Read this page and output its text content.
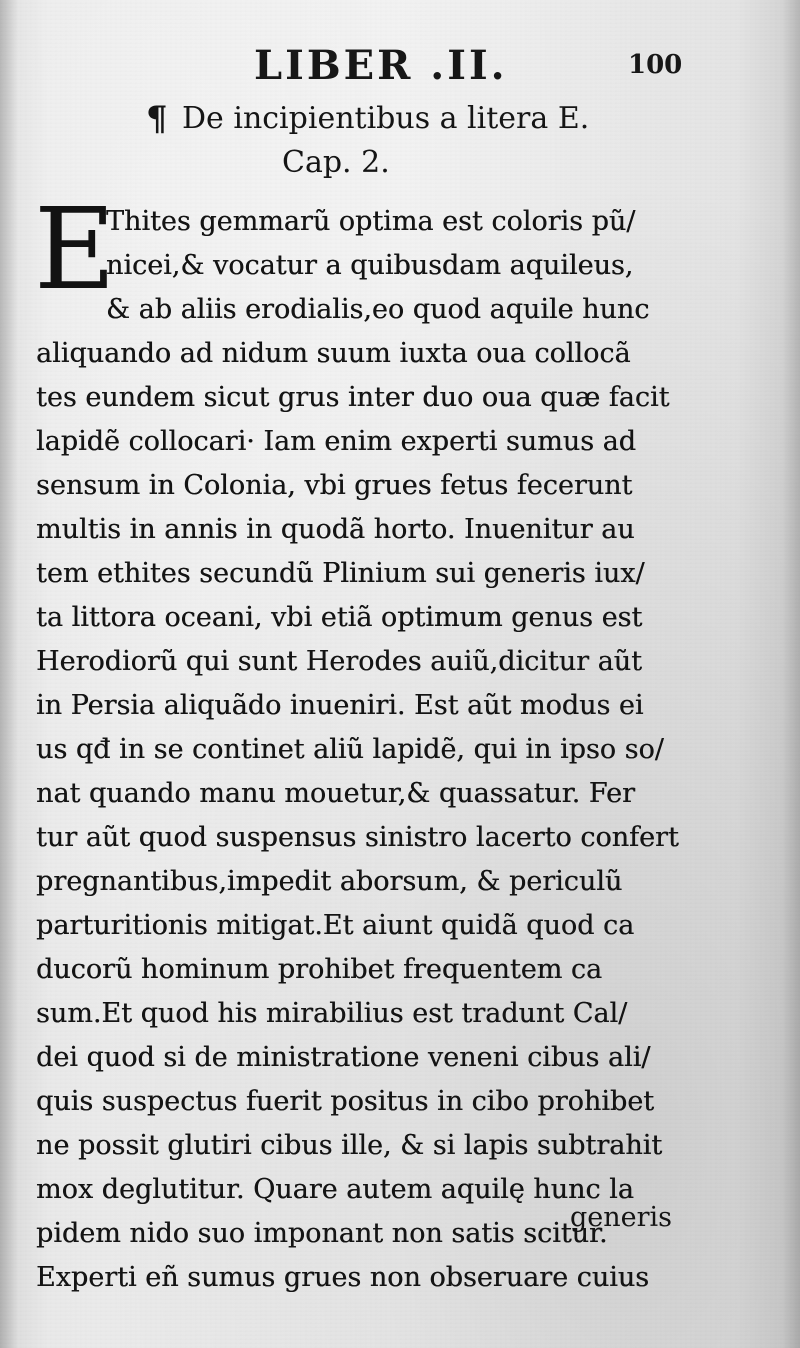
LIBER .II.	100
¶ De incipientibus a litera E.
Cap. 2.
E
Thites gemmarũ optima est coloris pũ/
nicei,& vocatur a quibusdam aquileus,
& ab aliis erodialis,eo quod aquile hunc
aliquando ad nidum suum iuxta oua collocã
tes eundem sicut grus inter duo oua quæ facit
lapidẽ collocari· Iam enim experti sumus ad
sensum in Colonia, vbi grues fetus fecerunt
multis in annis in quodã horto. Inuenitur au
tem ethites secundũ Plinium sui generis iux/
ta littora oceani, vbi etiã optimum genus est
Herodiorũ qui sunt Herodes auiũ,dicitur aũt
in Persia aliquãdo inueniri. Est aũt modus ei
us qđ in se continet aliũ lapidẽ, qui in ipso so/
nat quando manu mouetur,& quassatur. Fer
tur aũt quod suspensus sinistro lacerto confert
pregnantibus,impedit aborsum, & periculũ
parturitionis mitigat.Et aiunt quidã quod ca
ducorũ hominum prohibet frequentem ca
sum.Et quod his mirabilius est tradunt Cal/
dei quod si de ministratione veneni cibus ali/
quis suspectus fuerit positus in cibo prohibet
ne possit glutiri cibus ille, & si lapis subtrahit
mox deglutitur. Quare autem aquilę hunc la
pidem nido suo imponant non satis scitur.
Experti eñ sumus grues non obseruare cuius
generis
